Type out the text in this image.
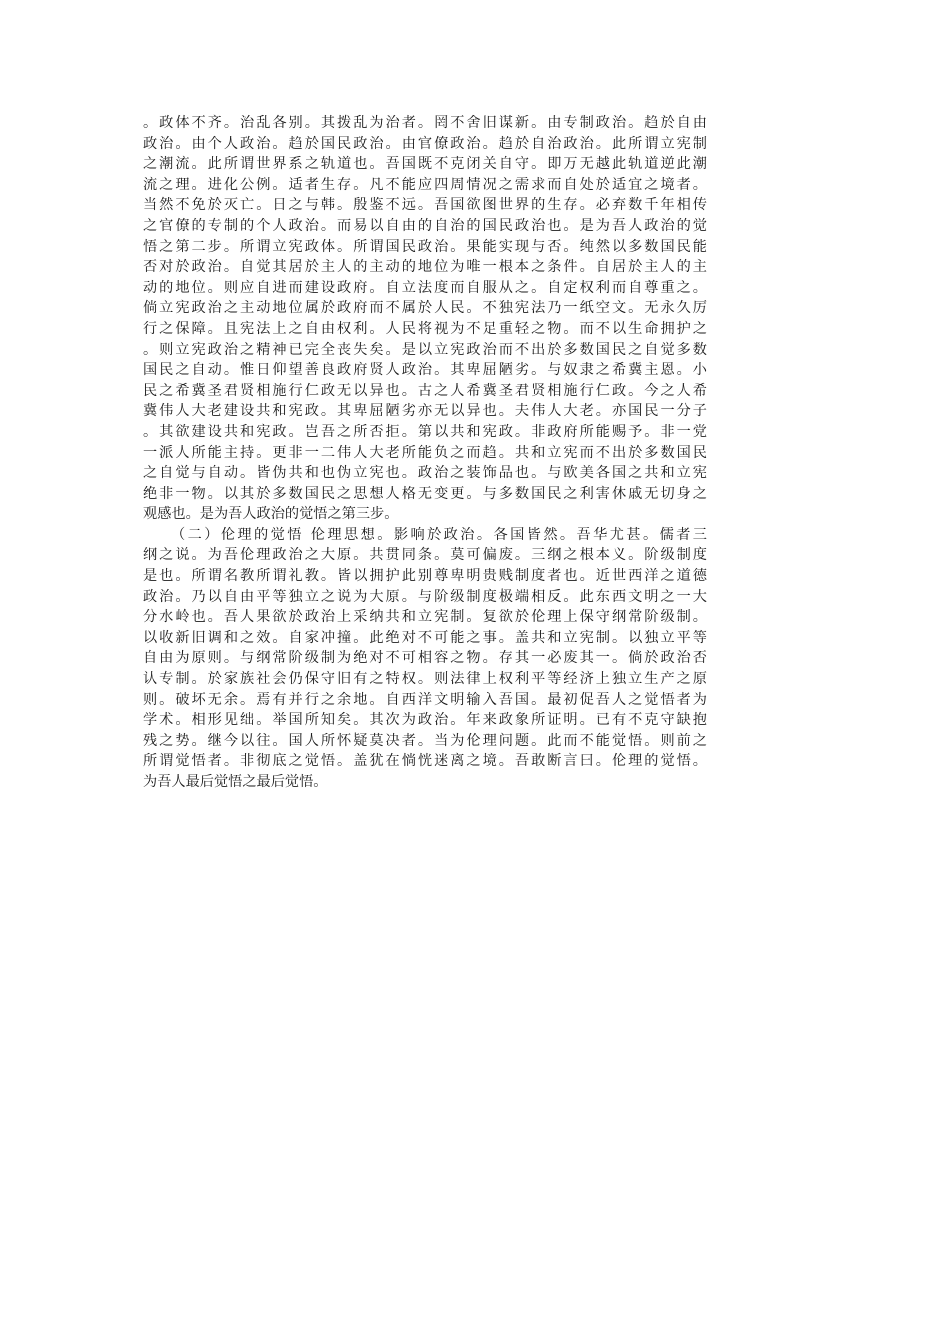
。政体不齐。治乱各别。其拨乱为治者。罔不舍旧谋新。由专制政治。趋於自由
政治。由个人政治。趋於国民政治。由官僚政治。趋於自治政治。此所谓立宪制
之潮流。此所谓世界系之轨道也。吾国既不克闭关自守。即万无越此轨道逆此潮
流之理。进化公例。适者生存。凡不能应四周情况之需求而自处於适宜之境者。
当然不免於灭亡。日之与韩。殷鉴不远。吾国欲图世界的生存。必弃数千年相传
之官僚的专制的个人政治。而易以自由的自治的国民政治也。是为吾人政治的觉
悟之第二步。所谓立宪政体。所谓国民政治。果能实现与否。纯然以多数国民能
否对於政治。自觉其居於主人的主动的地位为唯一根本之条件。自居於主人的主
动的地位。则应自进而建设政府。自立法度而自服从之。自定权利而自尊重之。
倘立宪政治之主动地位属於政府而不属於人民。不独宪法乃一纸空文。无永久厉
行之保障。且宪法上之自由权利。人民将视为不足重轻之物。而不以生命拥护之
。则立宪政治之精神已完全丧失矣。是以立宪政治而不出於多数国民之自觉多数
国民之自动。惟日仰望善良政府贤人政治。其卑屈陋劣。与奴隶之希冀主恩。小
民之希冀圣君贤相施行仁政无以异也。古之人希冀圣君贤相施行仁政。今之人希
冀伟人大老建设共和宪政。其卑屈陋劣亦无以异也。夫伟人大老。亦国民一分子
。其欲建设共和宪政。岂吾之所否拒。第以共和宪政。非政府所能赐予。非一党
一派人所能主持。更非一二伟人大老所能负之而趋。共和立宪而不出於多数国民
之自觉与自动。皆伪共和也伪立宪也。政治之装饰品也。与欧美各国之共和立宪
绝非一物。以其於多数国民之思想人格无变更。与多数国民之利害休戚无切身之
观感也。是为吾人政治的觉悟之第三步。
（二）伦理的觉悟 伦理思想。影响於政治。各国皆然。吾华尤甚。儒者三
纲之说。为吾伦理政治之大原。共贯同条。莫可偏废。三纲之根本义。阶级制度
是也。所谓名教所谓礼教。皆以拥护此别尊卑明贵贱制度者也。近世西洋之道德
政治。乃以自由平等独立之说为大原。与阶级制度极端相反。此东西文明之一大
分水岭也。吾人果欲於政治上采纳共和立宪制。复欲於伦理上保守纲常阶级制。
以收新旧调和之效。自家冲撞。此绝对不可能之事。盖共和立宪制。以独立平等
自由为原则。与纲常阶级制为绝对不可相容之物。存其一必废其一。倘於政治否
认专制。於家族社会仍保守旧有之特权。则法律上权利平等经济上独立生产之原
则。破坏无余。焉有并行之余地。自西洋文明输入吾国。最初促吾人之觉悟者为
学术。相形见绌。举国所知矣。其次为政治。年来政象所证明。已有不克守缺抱
残之势。继今以往。国人所怀疑莫决者。当为伦理问题。此而不能觉悟。则前之
所谓觉悟者。非彻底之觉悟。盖犹在惝恍迷离之境。吾敢断言曰。伦理的觉悟。
为吾人最后觉悟之最后觉悟。
